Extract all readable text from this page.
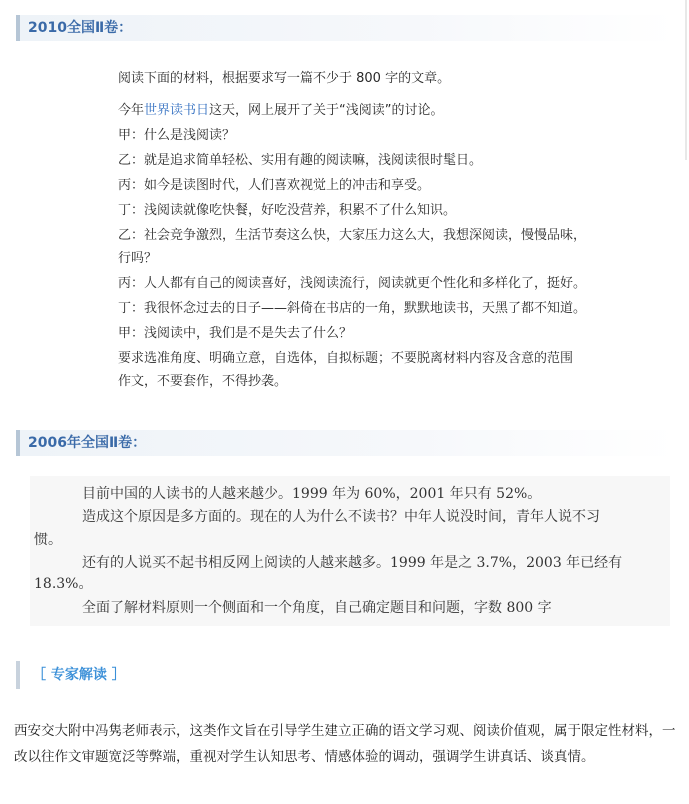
2010全国Ⅱ卷：

阅读下面的材料，根据要求写一篇不少于 800 字的文章。

今年世界读书日这天，网上展开了关于“浅阅读”的讨论。

甲：什么是浅阅读？

乙：就是追求简单轻松、实用有趣的阅读嘛，浅阅读很时髦日。

丙：如今是读图时代，人们喜欢视觉上的冲击和享受。

丁：浅阅读就像吃快餐，好吃没营养，积累不了什么知识。

乙：社会竞争激烈，生活节奏这么快，大家压力这么大，我想深阅读，慢慢品味，

行吗？

丙：人人都有自己的阅读喜好，浅阅读流行，阅读就更个性化和多样化了，挺好。

丁：我很怀念过去的日子——斜倚在书店的一角，默默地读书，天黑了都不知道。

甲：浅阅读中，我们是不是失去了什么？

要求选准角度、明确立意，自选体，自拟标题；不要脱离材料内容及含意的范围

作文，不要套作，不得抄袭。

2006年全国Ⅱ卷：

目前中国的人读书的人越来越少。1999 年为 60%，2001 年只有 52%。

造成这个原因是多方面的。现在的人为什么不读书？中年人说没时间，青年人说不习

惯。

还有的人说买不起书相反网上阅读的人越来越多。1999 年是之 3.7%，2003 年已经有

18.3%。

全面了解材料原则一个侧面和一个角度，自己确定题目和问题，字数 800 字

［ 专家解读 ］
西安交大附中冯隽老师表示，这类作文旨在引导学生建立正确的语文学习观、阅读价值观，属于限定性材料，一改以往作文审题宽泛等弊端，重视对学生认知思考、情感体验的调动，强调学生讲真话、谈真情。
